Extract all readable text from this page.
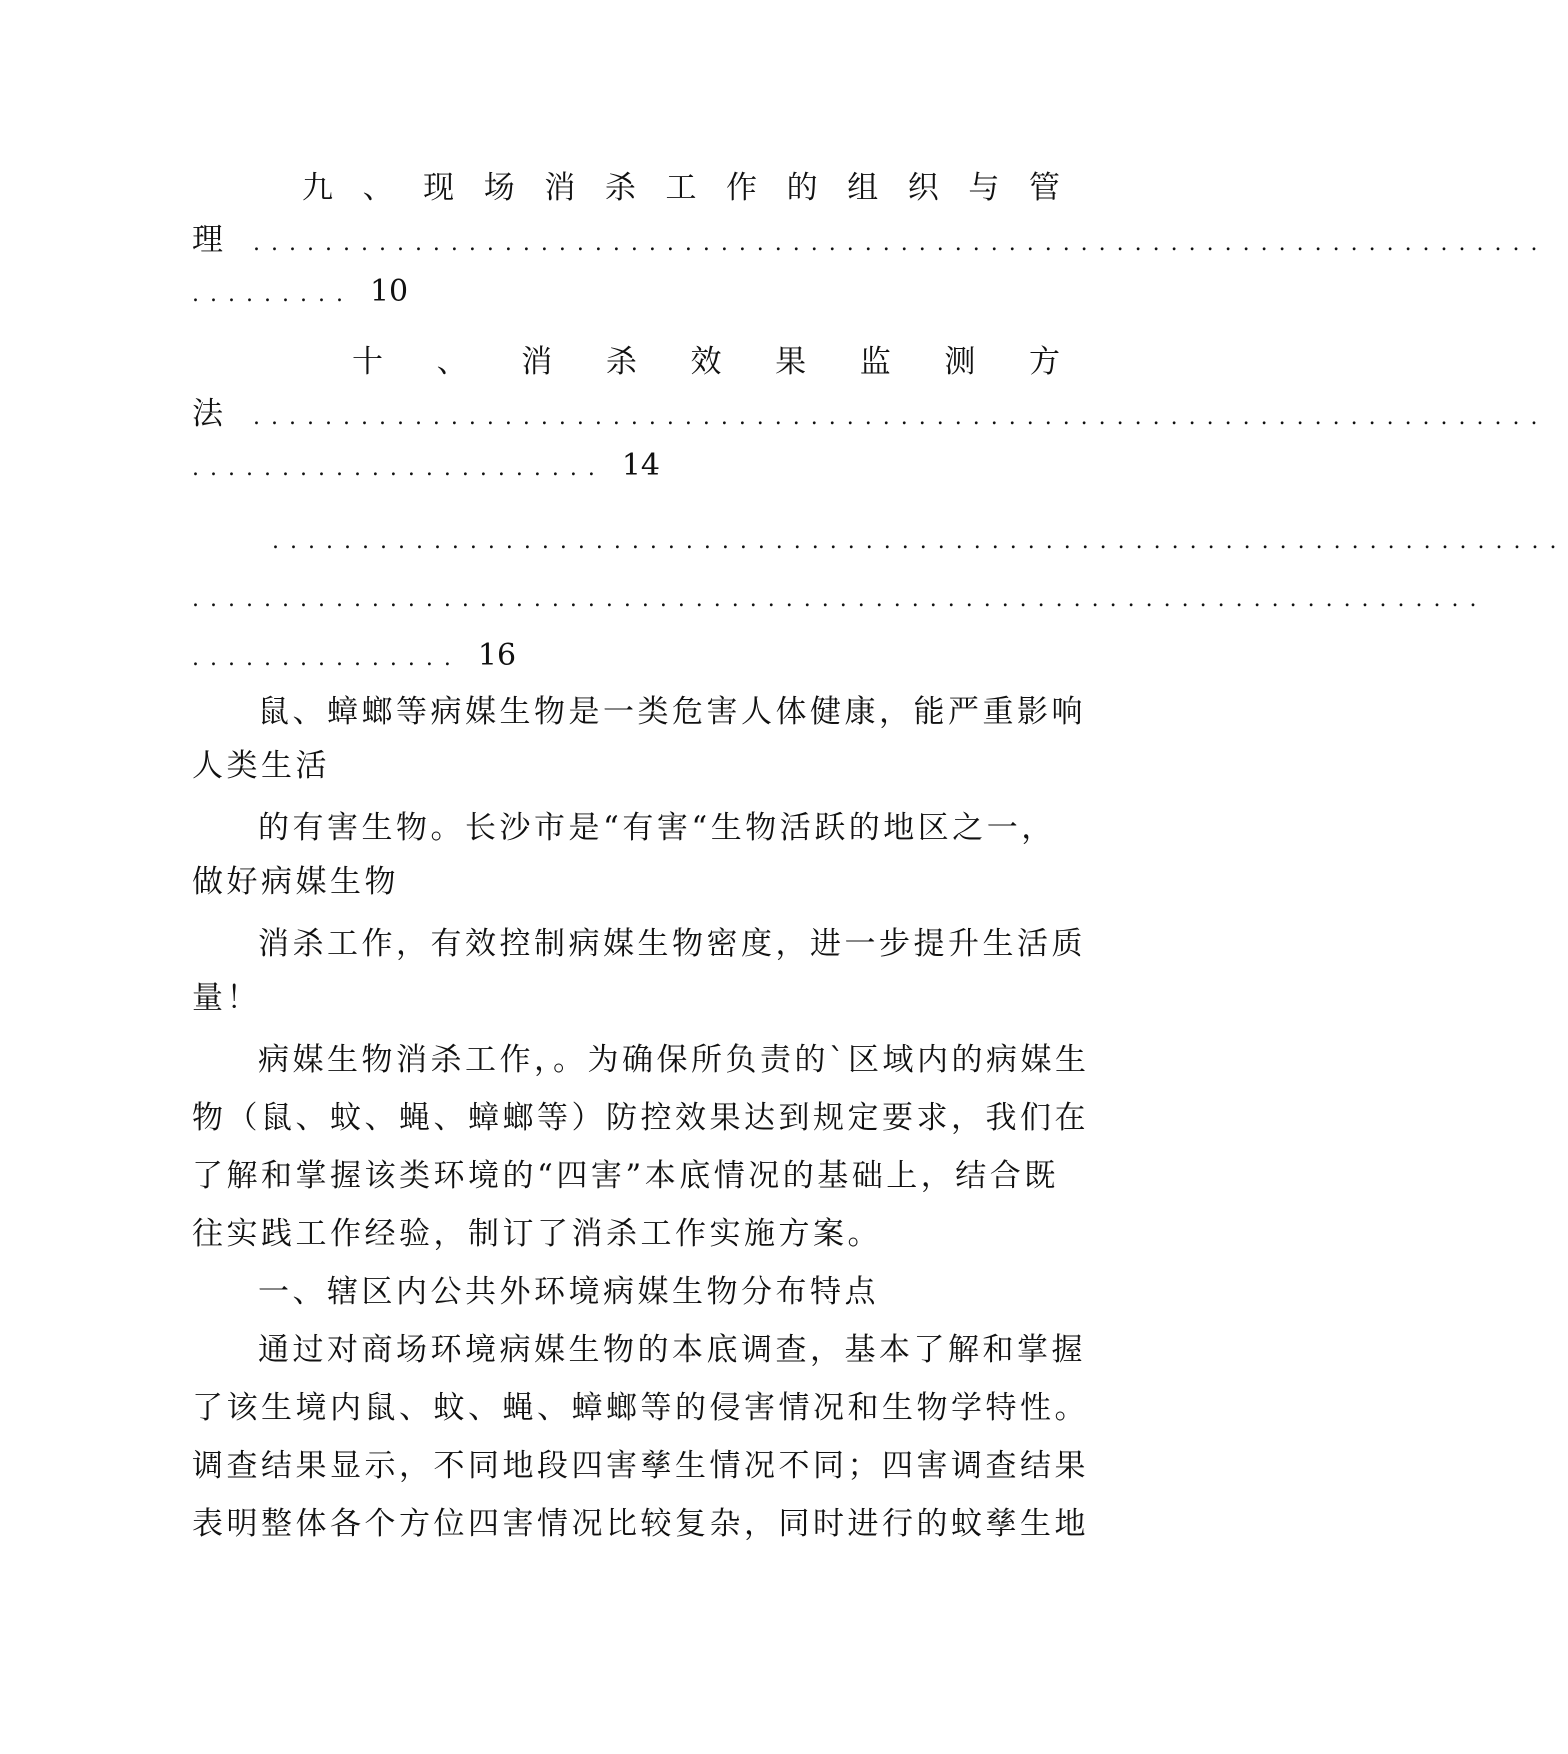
九 、 现 场 消 杀 工 作 的 组 织 与 管
理 ........................................................................
......... 10
十 、 消 杀 效 果 监 测 方
法 ........................................................................
....................... 14
........................................................................
........................................................................
............... 16
鼠、蟑螂等病媒生物是一类危害人体健康，能严重影响
人类生活
的有害生物。长沙市是“有害“生物活跃的地区之一，
做好病媒生物
消杀工作，有效控制病媒生物密度，进一步提升生活质
量！
病媒生物消杀工作，。为确保所负责的`区域内的病媒生
物（鼠、蚊、蝇、蟑螂等）防控效果达到规定要求，我们在
了解和掌握该类环境的“四害”本底情况的基础上，结合既
往实践工作经验，制订了消杀工作实施方案。
一、辖区内公共外环境病媒生物分布特点
通过对商场环境病媒生物的本底调查，基本了解和掌握
了该生境内鼠、蚊、蝇、蟑螂等的侵害情况和生物学特性。
调查结果显示，不同地段四害孳生情况不同；四害调查结果
表明整体各个方位四害情况比较复杂，同时进行的蚊孳生地
